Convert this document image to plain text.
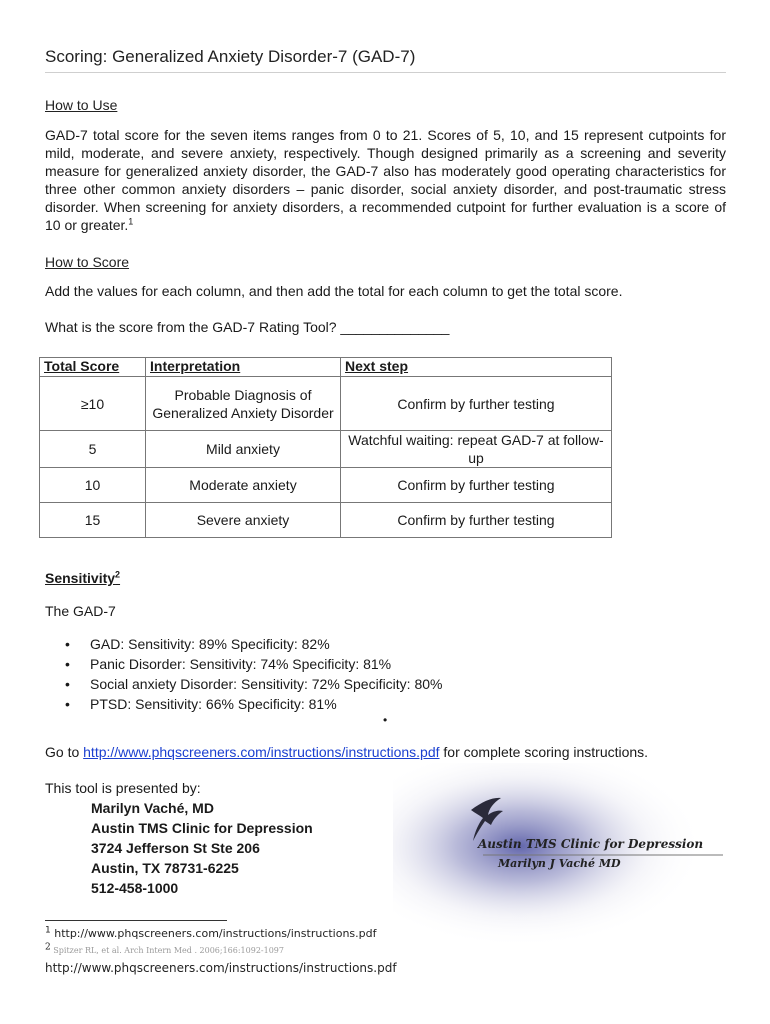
Scoring: Generalized Anxiety Disorder-7 (GAD-7)
How to Use
GAD-7 total score for the seven items ranges from 0 to 21. Scores of 5, 10, and 15 represent cutpoints for mild, moderate, and severe anxiety, respectively. Though designed primarily as a screening and severity measure for generalized anxiety disorder, the GAD-7 also has moderately good operating characteristics for three other common anxiety disorders – panic disorder, social anxiety disorder, and post-traumatic stress disorder. When screening for anxiety disorders, a recommended cutpoint for further evaluation is a score of 10 or greater.$^1$
How to Score
Add the values for each column, and then add the total for each column to get the total score.
What is the score from the GAD-7 Rating Tool? ______________
Total Score	Interpretation	Next step
≥10	Probable Diagnosis of Generalized Anxiety Disorder	Confirm by further testing
5	Mild anxiety	Watchful waiting: repeat GAD-7 at follow-up
10	Moderate anxiety	Confirm by further testing
15	Severe anxiety	Confirm by further testing
Sensitivity$^2$
The GAD-7
• GAD: Sensitivity: 89% Specificity: 82%
• Panic Disorder: Sensitivity: 74% Specificity: 81%
• Social anxiety Disorder: Sensitivity: 72% Specificity: 80%
• PTSD: Sensitivity: 66% Specificity: 81%
•
Go to http://www.phqscreeners.com/instructions/instructions.pdf for complete scoring instructions.
This tool is presented by:
Marilyn Vaché, MD
Austin TMS Clinic for Depression
3724 Jefferson St Ste 206
Austin, TX 78731-6225
512-458-1000
Austin TMS Clinic for Depression
Marilyn J Vaché MD
$^1$ http://www.phqscreeners.com/instructions/instructions.pdf
$^2$ Spitzer RL, et al. Arch Intern Med . 2006;166:1092-1097
http://www.phqscreeners.com/instructions/instructions.pdf
